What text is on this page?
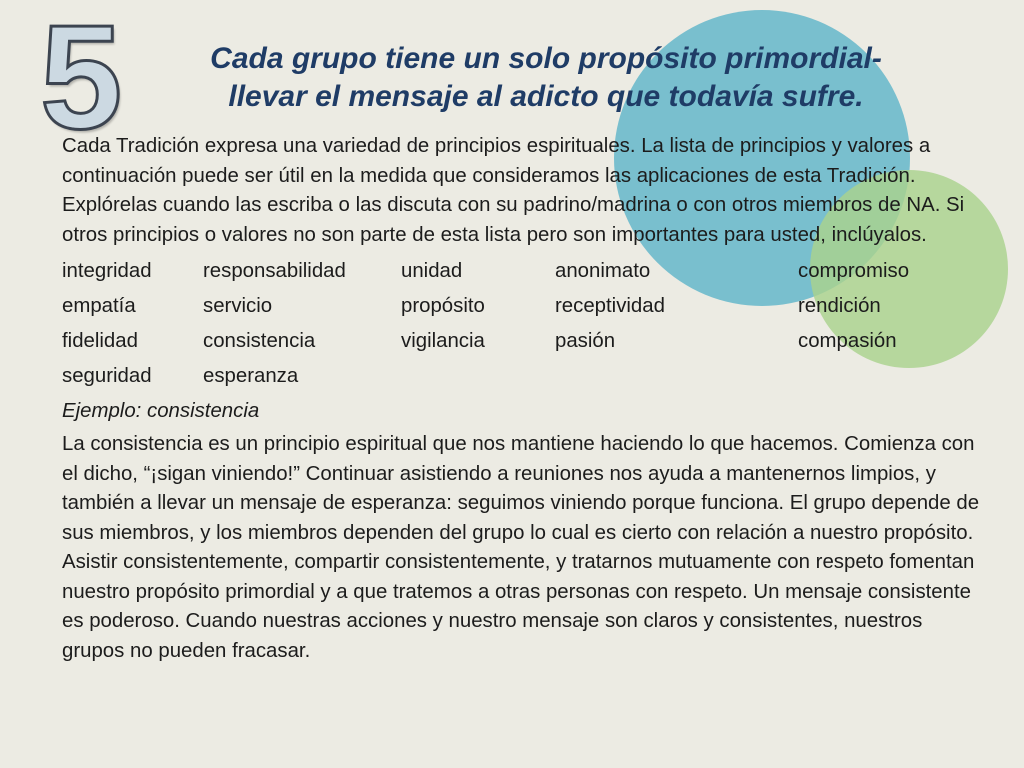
5	Cada grupo tiene un solo propósito primordial-
llevar el mensaje al adicto que todavía sufre.

Cada Tradición expresa una variedad de principios espirituales. La lista de principios y valores a continuación puede ser útil en la medida que consideramos las aplicaciones de esta Tradición. Explórelas cuando las escriba o las discuta con su padrino/madrina o con otros miembros de NA. Si otros principios o valores no son parte de esta lista pero son importantes para usted, inclúyalos.

integridad	responsabilidad	unidad	anonimato	compromiso
empatía	servicio	propósito	receptividad	rendición
fidelidad	consistencia	vigilancia	pasión	compasión
seguridad	esperanza

Ejemplo: consistencia

La consistencia es un principio espiritual que nos mantiene haciendo lo que hacemos. Comienza con el dicho, “¡sigan viniendo!” Continuar asistiendo a reuniones nos ayuda a mantenernos limpios, y también a llevar un mensaje de esperanza: seguimos viniendo porque funciona. El grupo depende de sus miembros, y los miembros dependen del grupo lo cual es cierto con relación a nuestro propósito. Asistir consistentemente, compartir consistentemente, y tratarnos mutuamente con respeto fomentan nuestro propósito primordial y a que tratemos a otras personas con respeto. Un mensaje consistente es poderoso. Cuando nuestras acciones y nuestro mensaje son claros y consistentes, nuestros grupos no pueden fracasar.
